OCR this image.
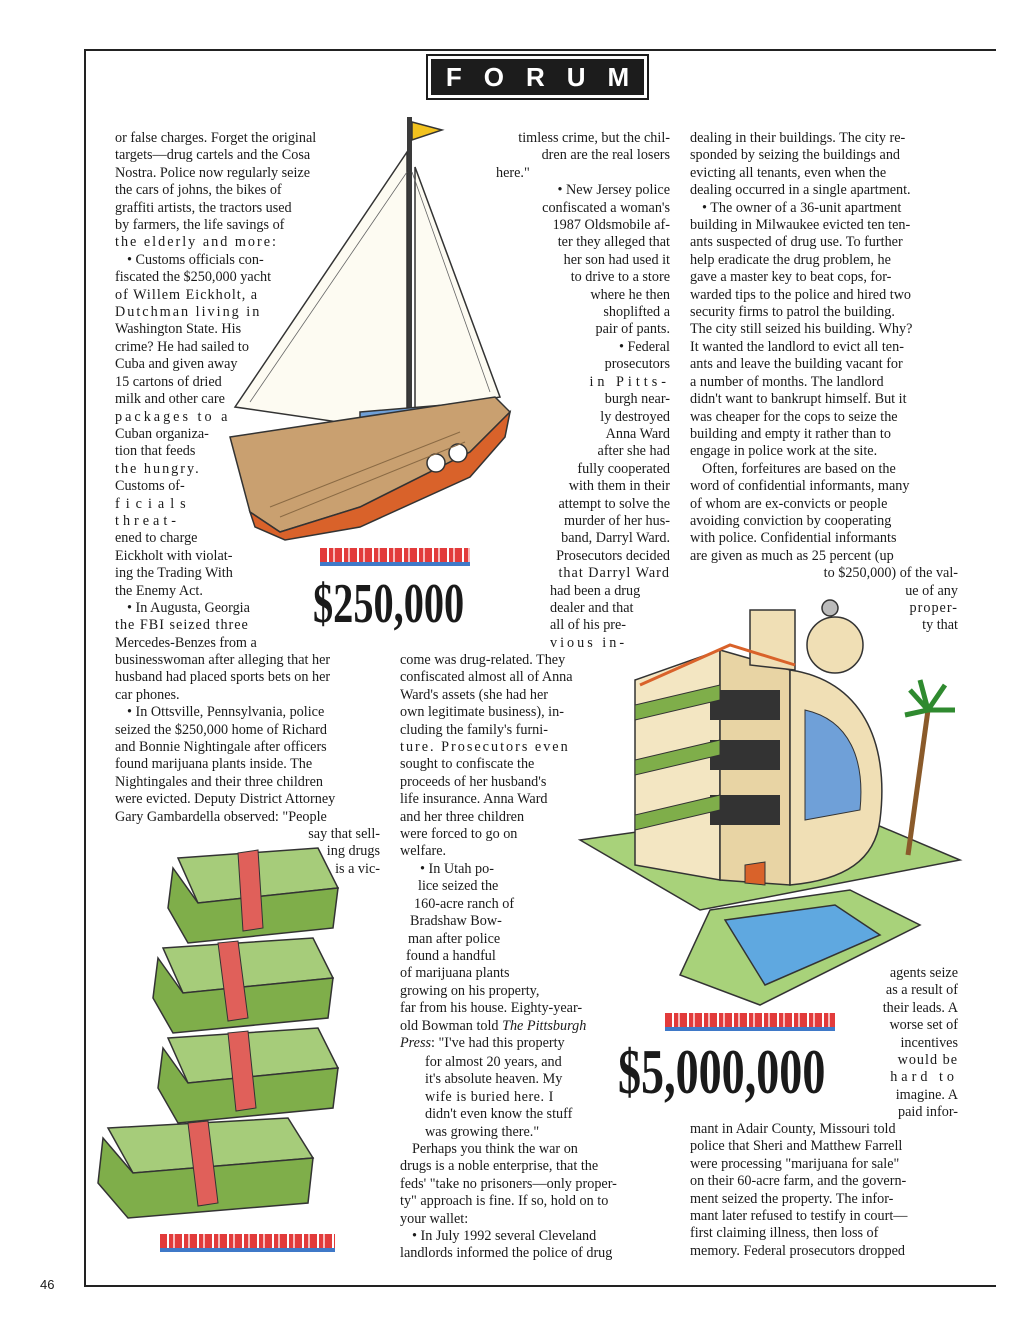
FORUM

or false charges. Forget the original

targets—drug cartels and the Cosa

Nostra. Police now regularly seize

the cars of johns, the bikes of

graffiti artists, the tractors used

by farmers, the life savings of

the elderly and more:

• Customs officials con-

fiscated the $250,000 yacht

of Willem Eickholt, a

Dutchman living in

Washington State. His

crime? He had sailed to

Cuba and given away

15 cartons of dried

milk and other care

packages to a

Cuban organiza-

tion that feeds

the hungry.

Customs of-

ficials

threat-

ened to charge

Eickholt with violat-

ing the Trading With

the Enemy Act.

• In Augusta, Georgia

the FBI seized three

Mercedes-Benzes from a

$250,000

businesswoman after alleging that her

husband had placed sports bets on her

car phones.

• In Ottsville, Pennsylvania, police

seized the $250,000 home of Richard

and Bonnie Nightingale after officers

found marijuana plants inside. The

Nightingales and their three children

were evicted. Deputy District Attorney

Gary Gambardella observed: "People

say that sell-

ing drugs

is a vic-

timless crime, but the chil-

dren are the real losers

here."

• New Jersey police

confiscated a woman's

1987 Oldsmobile af-

ter they alleged that

her son had used it

to drive to a store

where he then

shoplifted a

pair of pants.

• Federal

prosecutors

in Pitts-

burgh near-

ly destroyed

Anna Ward

after she had

fully cooperated

with them in their

attempt to solve the

murder of her hus-

band, Darryl Ward.

Prosecutors decided

that Darryl Ward

had been a drug

dealer and that

all of his pre-

vious in-

come was drug-related. They

confiscated almost all of Anna

Ward's assets (she had her

own legitimate business), in-

cluding the family's furni-

ture. Prosecutors even

sought to confiscate the

proceeds of her husband's

life insurance. Anna Ward

and her three children

were forced to go on

welfare.

• In Utah po-

lice seized the

160-acre ranch of

Bradshaw Bow-

man after police

found a handful

of marijuana plants

growing on his property,

far from his house. Eighty-year-

old Bowman told The Pittsburgh

Press: "I've had this property

for almost 20 years, and

it's absolute heaven. My

wife is buried here. I

didn't even know the stuff

was growing there."

Perhaps you think the war on

drugs is a noble enterprise, that the

feds' "take no prisoners—only proper-

ty" approach is fine. If so, hold on to

your wallet:

• In July 1992 several Cleveland

landlords informed the police of drug

dealing in their buildings. The city re-

sponded by seizing the buildings and

evicting all tenants, even when the

dealing occurred in a single apartment.

• The owner of a 36-unit apartment

building in Milwaukee evicted ten ten-

ants suspected of drug use. To further

help eradicate the drug problem, he

gave a master key to beat cops, for-

warded tips to the police and hired two

security firms to patrol the building.

The city still seized his building. Why?

It wanted the landlord to evict all ten-

ants and leave the building vacant for

a number of months. The landlord

didn't want to bankrupt himself. But it

was cheaper for the cops to seize the

building and empty it rather than to

engage in police work at the site.

Often, forfeitures are based on the

word of confidential informants, many

of whom are ex-convicts or people

avoiding conviction by cooperating

with police. Confidential informants

are given as much as 25 percent (up

to $250,000) of the val-

ue of any

proper-

ty that

agents seize

as a result of

their leads. A

worse set of

incentives

would be

hard to

imagine. A

paid infor-

$5,000,000

mant in Adair County, Missouri told

police that Sheri and Matthew Farrell

were processing "marijuana for sale"

on their 60-acre farm, and the govern-

ment seized the property. The infor-

mant later refused to testify in court—

first claiming illness, then loss of

memory. Federal prosecutors dropped

46
